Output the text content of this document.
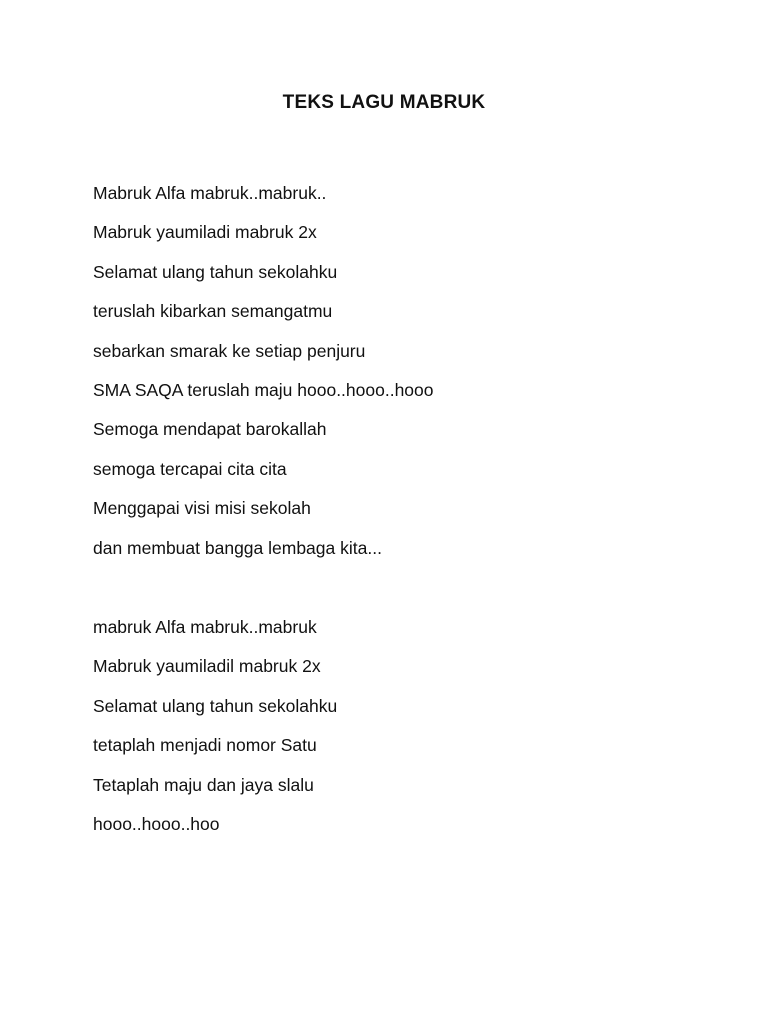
TEKS LAGU MABRUK
Mabruk Alfa mabruk..mabruk..
Mabruk yaumiladi mabruk 2x
Selamat ulang tahun sekolahku
teruslah kibarkan semangatmu
sebarkan smarak ke setiap penjuru
SMA SAQA teruslah maju hooo..hooo..hooo
Semoga mendapat barokallah
semoga tercapai cita cita
Menggapai visi misi sekolah
dan membuat bangga lembaga kita...
mabruk Alfa mabruk..mabruk
Mabruk yaumiladil mabruk 2x
Selamat ulang tahun sekolahku
tetaplah menjadi nomor Satu
Tetaplah maju dan jaya slalu
hooo..hooo..hoo
